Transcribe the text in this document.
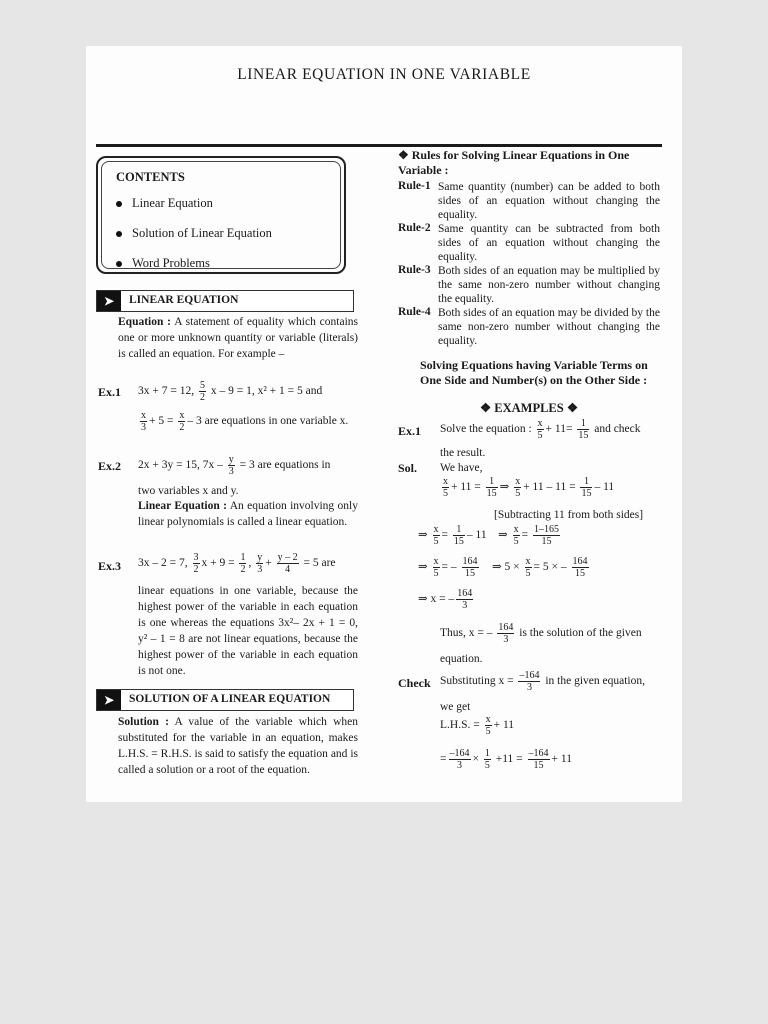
LINEAR EQUATION IN ONE VARIABLE
CONTENTS
Linear Equation
Solution of Linear Equation
Word Problems
➤	LINEAR EQUATION
Equation : A statement of equality which contains one or more unknown quantity or variable (literals) is called an equation. For example –
Ex.1 3x + 7 = 12, $\frac{5}{2}$ x – 9 = 1, x² + 1 = 5 and
$\frac{x}{3} + 5 = \frac{x}{2} - 3$ are equations in one variable x.
Ex.2 2x + 3y = 15, $7x - \frac{y}{3} = 3$ are equations in
two variables x and y.
Linear Equation : An equation involving only linear polynomials is called a linear equation.
Ex.3 3x – 2 = 7, $\frac{3}{2}$ $x + 9 = \frac{1}{2}$ , $\frac{y}{3} + \frac{y - 2}{4} = 5$ are
linear equations in one variable, because the highest power of the variable in each equation is one whereas the equations 3x²– 2x + 1 = 0, y² – 1 = 8 are not linear equations, because the highest power of the variable in each equation is not one.
➤	SOLUTION OF A LINEAR EQUATION
Solution : A value of the variable which when substituted for the variable in an equation, makes L.H.S. = R.H.S. is said to satisfy the equation and is called a solution or a root of the equation.
❖ Rules for Solving Linear Equations in One Variable :
Rule-1 Same quantity (number) can be added to both sides of an equation without changing the equality.
Rule-2 Same quantity can be subtracted from both sides of an equation without changing the equality.
Rule-3 Both sides of an equation may be multiplied by the same non-zero number without changing the equality.
Rule-4 Both sides of an equation may be divided by the same non-zero number without changing the equality.
Solving Equations having Variable Terms on One Side and Number(s) on the Other Side :
❖ EXAMPLES ❖
Ex.1 Solve the equation : $\frac{x}{5} + 11= \frac{1}{15}$ and check
the result.
Sol. We have,
$\frac{x}{5} + 11 = \frac{1}{15}$ ⇒ $\frac{x}{5} + 11 - 11 = \frac{1}{15} - 11$
[Subtracting 11 from both sides]
⇒ $\frac{x}{5} = \frac{1}{15} - 11$    ⇒ $\frac{x}{5} = \frac{1-165}{15}$
⇒ $\frac{x}{5}$ = – $\frac{164}{15}$ ⇒ $5 \times \frac{x}{5} = 5$ × – $\frac{164}{15}$
⇒ x = – $\frac{164}{3}$
Thus, x = – $\frac{164}{3}$ is the solution of the given
equation.
Check Substituting $x = \frac{-164}{3}$ in the given equation,
we get
L.H.S. = $\frac{x}{5} + 11$
= $\frac{-164}{3} \times \frac{1}{5} +11 = \frac{-164}{15} + 11$
